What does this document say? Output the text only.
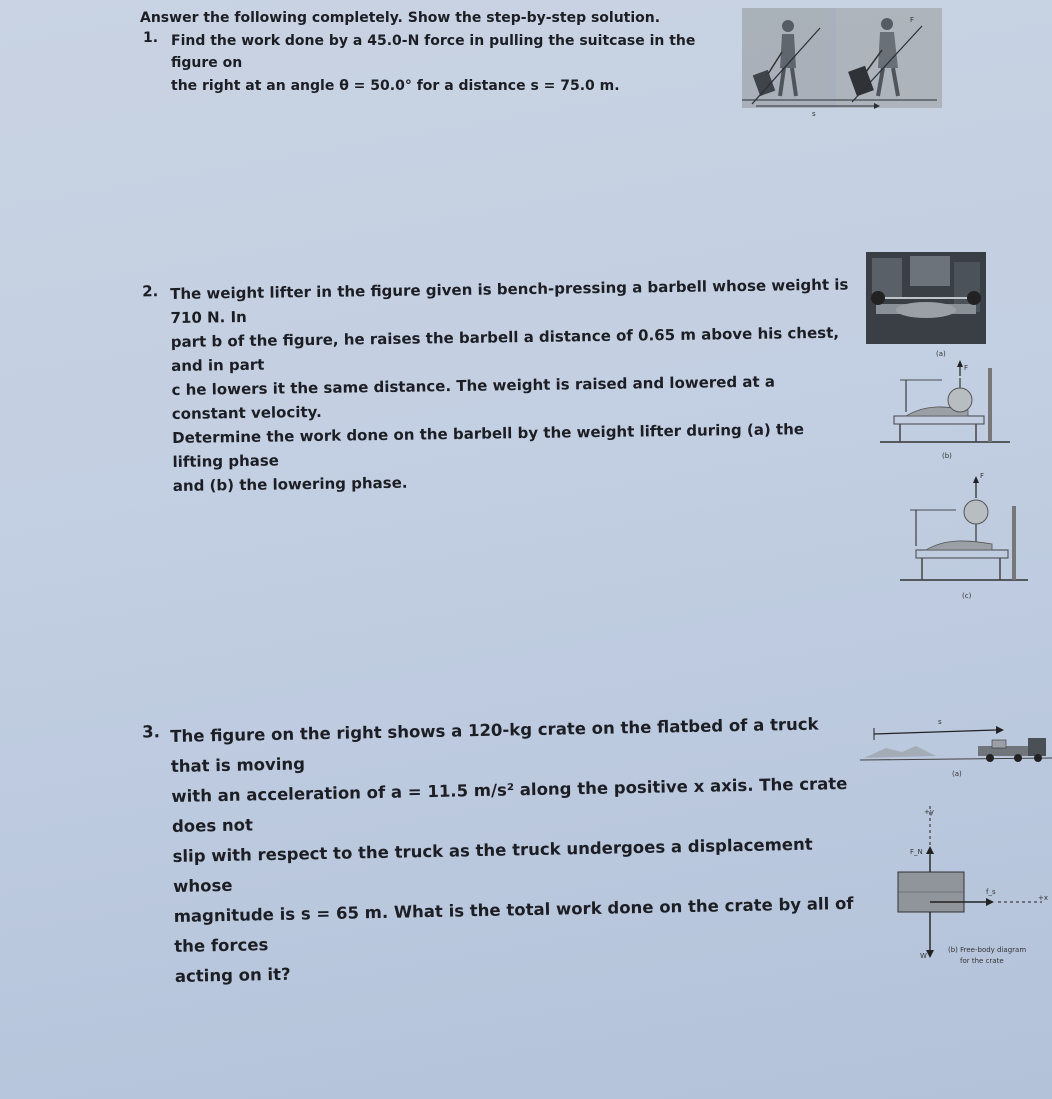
Answer the following completely. Show the step-by-step solution.

1. Find the work done by a 45.0-N force in pulling the suitcase in the figure on

the right at an angle θ = 50.0° for a distance s = 75.0 m.

s
F
2. The weight lifter in the figure given is bench-pressing a barbell whose weight is 710 N. In

part b of the figure, he raises the barbell a distance of 0.65 m above his chest, and in part

c he lowers it the same distance. The weight is raised and lowered at a constant velocity.

Determine the work done on the barbell by the weight lifter during (a) the lifting phase

and (b) the lowering phase.

(a)
F
(b)
F
(c)
3. The figure on the right shows a 120-kg crate on the flatbed of a truck that is moving

with an acceleration of a = 11.5 m/s² along the positive x axis. The crate does not

slip with respect to the truck as the truck undergoes a displacement whose

magnitude is s = 65 m. What is the total work done on the crate by all of the forces

acting on it?

s
(a)
+y
F_N
W
f_s
+x
(b) Free-body diagram
for the crate
